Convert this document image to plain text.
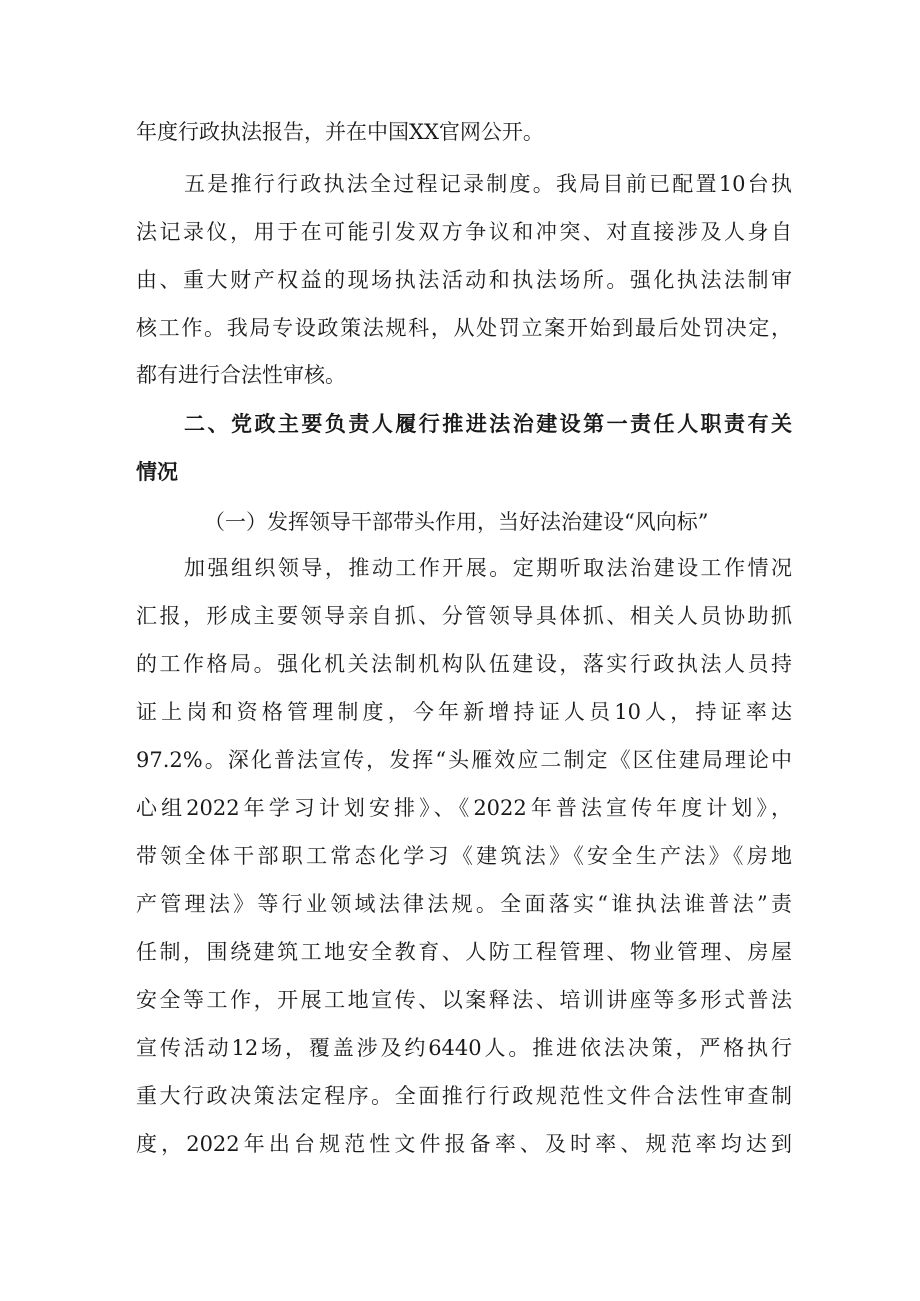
年度行政执法报告，并在中国XX官网公开。
五是推行行政执法全过程记录制度。我局目前已配置10台执
法记录仪，用于在可能引发双方争议和冲突、对直接涉及人身自
由、重大财产权益的现场执法活动和执法场所。强化执法法制审
核工作。我局专设政策法规科，从处罚立案开始到最后处罚决定，
都有进行合法性审核。
二、党政主要负责人履行推进法治建设第一责任人职责有关
情况
（一）发挥领导干部带头作用，当好法治建设“风向标”
加强组织领导，推动工作开展。定期听取法治建设工作情况
汇报，形成主要领导亲自抓、分管领导具体抓、相关人员协助抓
的工作格局。强化机关法制机构队伍建设，落实行政执法人员持
证上岗和资格管理制度，今年新增持证人员10人，持证率达
97.2%。深化普法宣传，发挥“头雁效应二制定《区住建局理论中
心组2022年学习计划安排》、《2022年普法宣传年度计划》，
带领全体干部职工常态化学习《建筑法》《安全生产法》《房地
产管理法》等行业领域法律法规。全面落实“谁执法谁普法”责
任制，围绕建筑工地安全教育、人防工程管理、物业管理、房屋
安全等工作，开展工地宣传、以案释法、培训讲座等多形式普法
宣传活动12场，覆盖涉及约6440人。推进依法决策，严格执行
重大行政决策法定程序。全面推行行政规范性文件合法性审查制
度，2022年出台规范性文件报备率、及时率、规范率均达到
